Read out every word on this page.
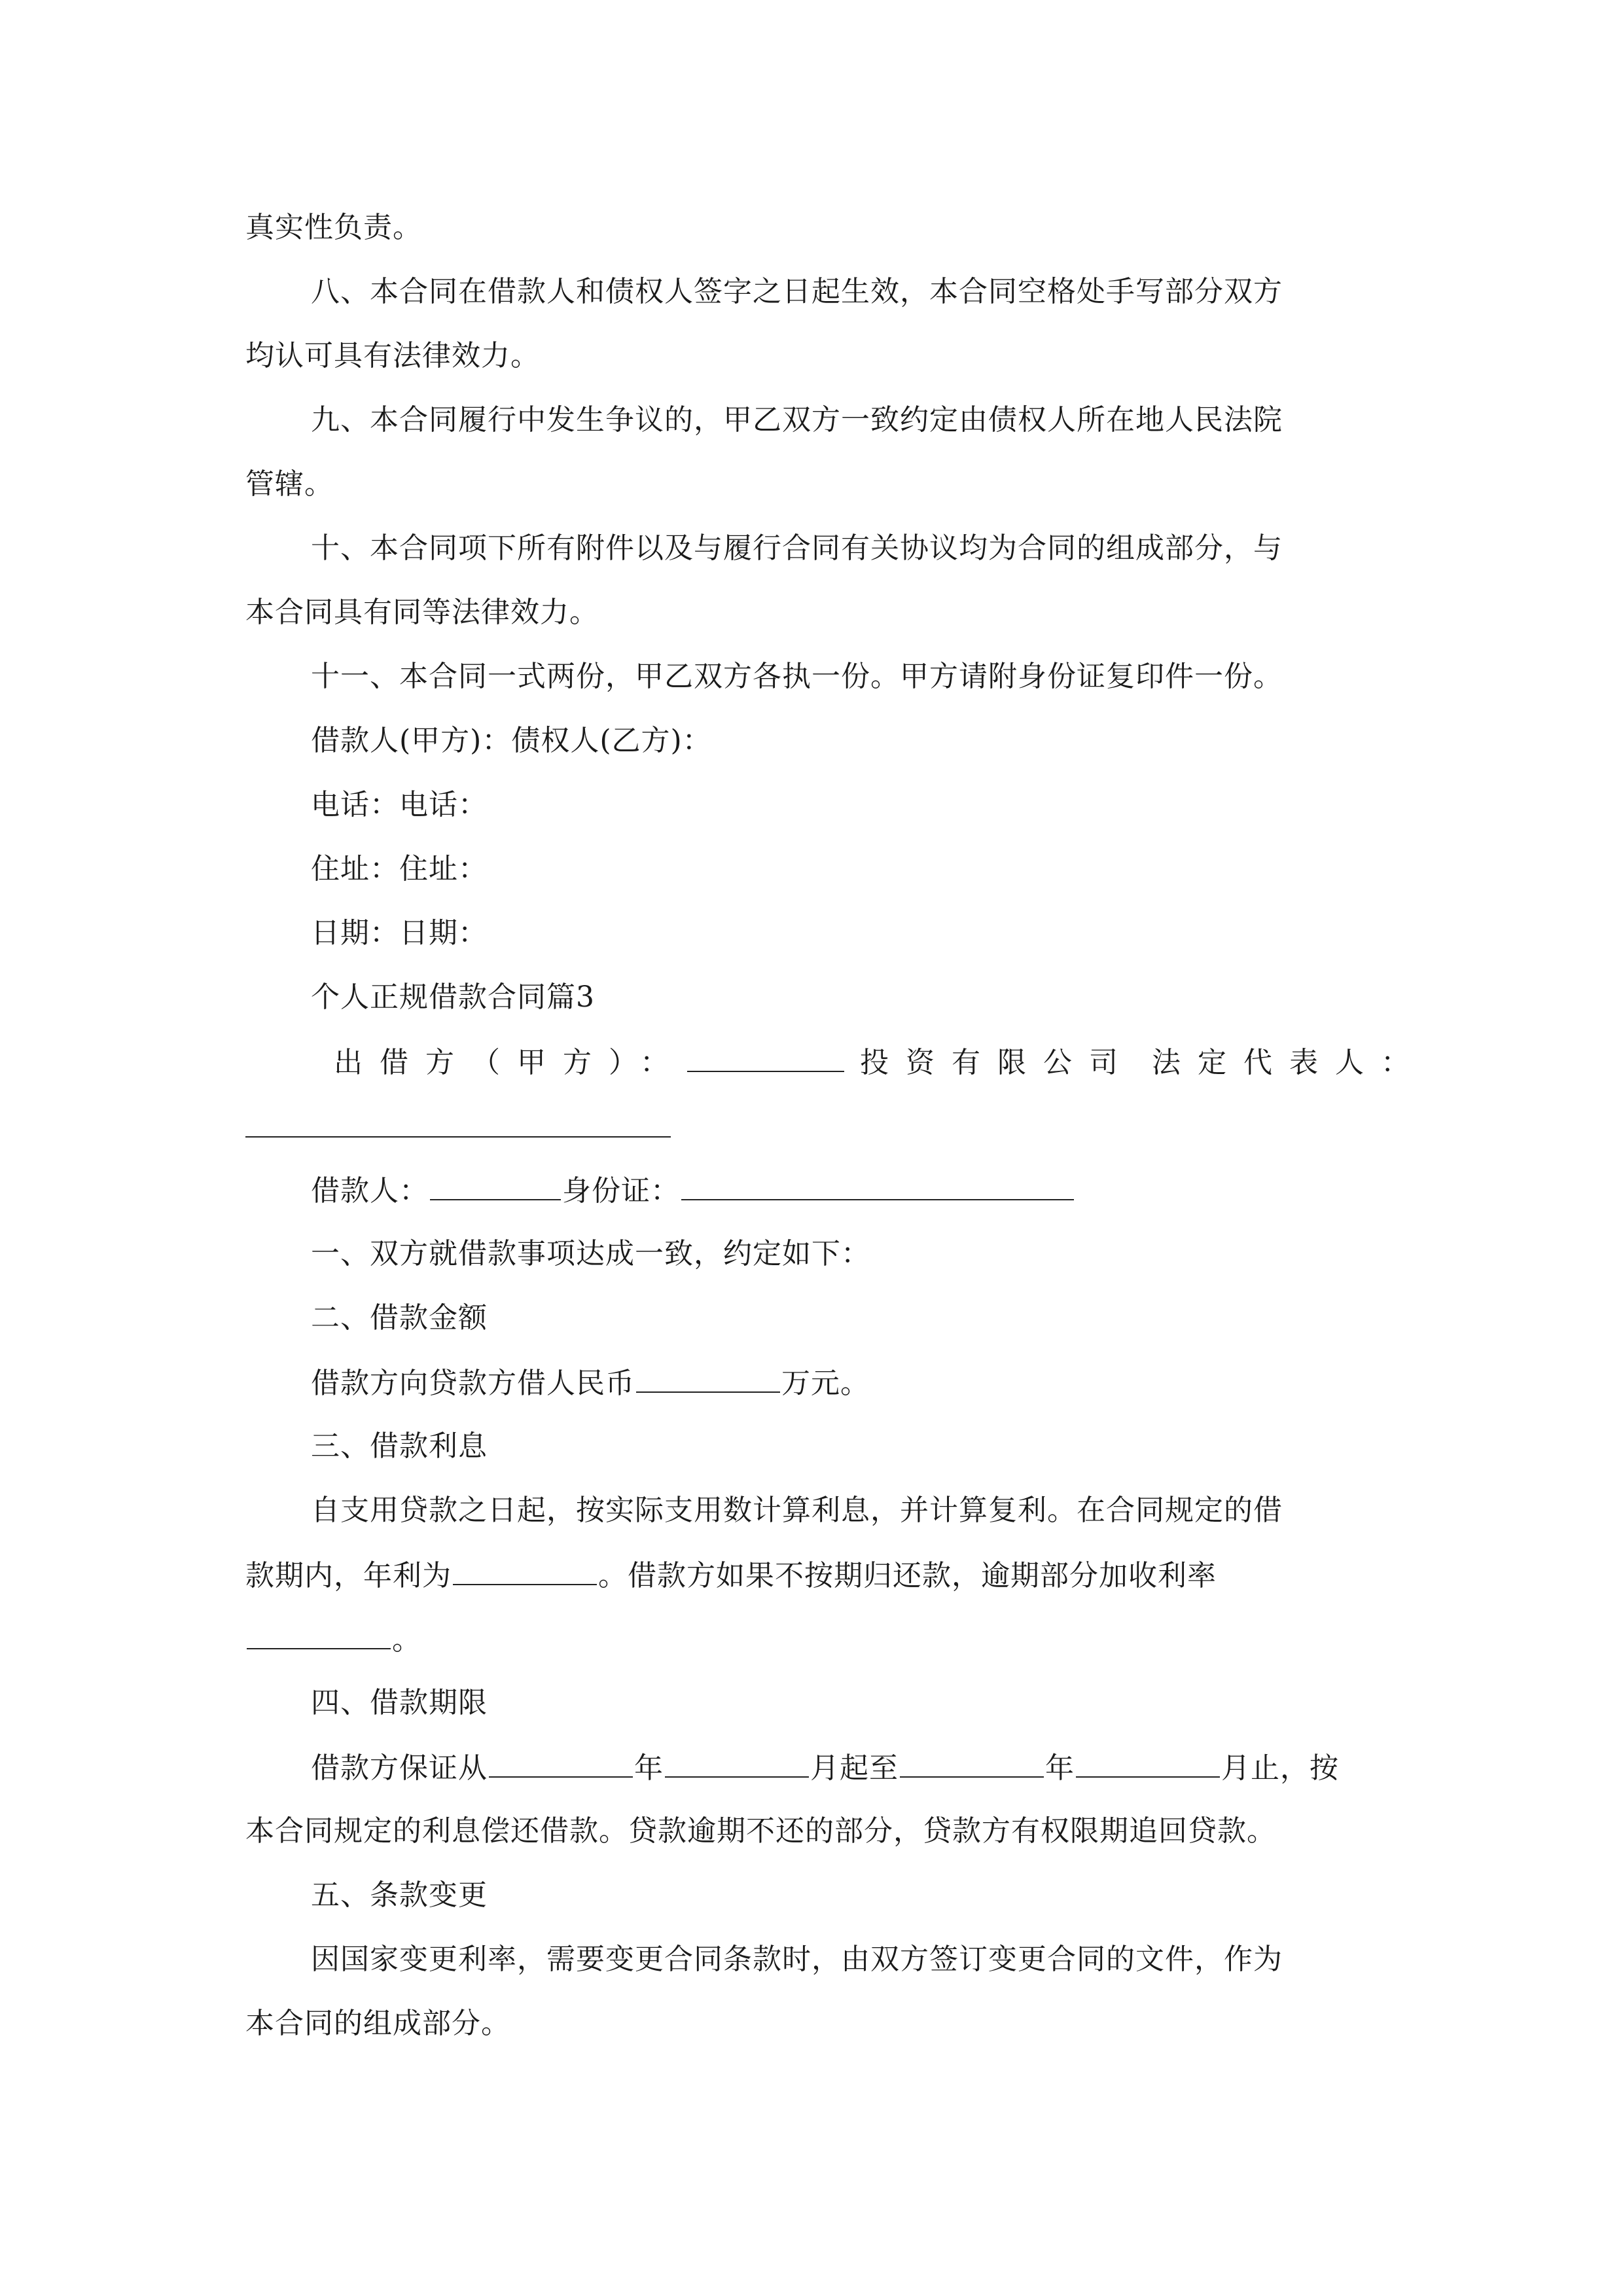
真实性负责。
八、本合同在借款人和债权人签字之日起生效，本合同空格处手写部分双方
均认可具有法律效力。
九、本合同履行中发生争议的，甲乙双方一致约定由债权人所在地人民法院
管辖。
十、本合同项下所有附件以及与履行合同有关协议均为合同的组成部分，与
本合同具有同等法律效力。
十一、本合同一式两份，甲乙双方各执一份。甲方请附身份证复印件一份。
借款人(甲方)：债权人(乙方)：
电话：电话：
住址：住址：
日期：日期：
个人正规借款合同篇3
出借方（甲方）：	投资有限公司 法定代表人：
借款人：	身份证：
一、双方就借款事项达成一致，约定如下：
二、借款金额
借款方向贷款方借人民币	万元。
三、借款利息
自支用贷款之日起，按实际支用数计算利息，并计算复利。在合同规定的借
款期内，年利为	。借款方如果不按期归还款，逾期部分加收利率
。
四、借款期限
借款方保证从	年	月起至	年	月止，按
本合同规定的利息偿还借款。贷款逾期不还的部分，贷款方有权限期追回贷款。
五、条款变更
因国家变更利率，需要变更合同条款时，由双方签订变更合同的文件，作为
本合同的组成部分。
